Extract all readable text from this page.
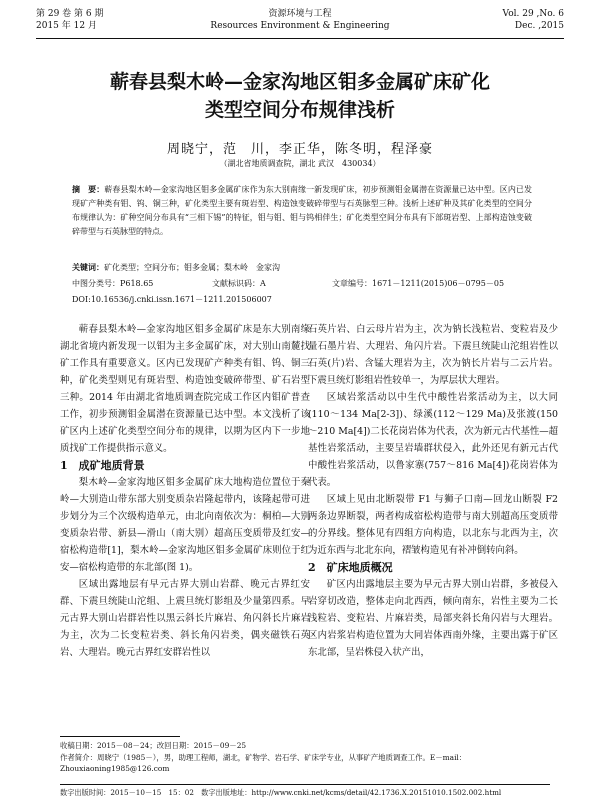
第 29 卷 第 6 期
2015 年 12 月
资源环境与工程
Resources Environment & Engineering
Vol. 29 ,No. 6
Dec. ,2015
蕲春县梨木岭—金家沟地区钼多金属矿床矿化
类型空间分布规律浅析
周晓宁，范　川，李正华，陈冬明，程泽豪
（湖北省地质调查院，湖北 武汉　430034）
摘　要：蕲春县梨木岭—金家沟地区钼多金属矿床作为东大别南缘一新发现矿床，初步预测钼金属潜在资源量已达中型。区内已发现矿产种类有钼、钨、铜三种，矿化类型主要有斑岩型、构造蚀变破碎带型与石英脉型三种。浅析上述矿种及其矿化类型的空间分布规律认为：矿种空间分布具有“三相下锡”的特征，钼与钼、钼与钨相伴生；矿化类型空间分布具有下部斑岩型、上部构造蚀变破碎带型与石英脉型的特点。
关键词：矿化类型；空间分布；钼多金属；梨木岭　金家沟
中图分类号：P618.65	文献标识码：A	文章编号：1671－1211(2015)06－0795－05
DOI:10.16536/j.cnki.issn.1671－1211.201506007

蕲春县梨木岭—金家沟地区钼多金属矿床是东大别南缘湖北省境内新发现一以钼为主多金属矿床，对大别山南麓找矿工作具有重要意义。区内已发现矿产种类有钼、钨、铜三种，矿化类型则见有斑岩型、构造蚀变破碎带型、矿石岩型三种。2014 年由湖北省地质调查院完成工作区内钼矿普查工作，初步预测钼金属潜在资源量已达中型。本文浅析了该矿区内上述矿化类型空间分布的规律，以期为区内下一步地质找矿工作提供指示意义。

1　成矿地质背景

梨木岭—金家沟地区钼多金属矿床大地构造位置位于秦岭—大别造山带东部大别变质杂岩隆起带内，该隆起带可进步划分为三个次级构造单元，由北向南依次为：桐柏—大别变质杂岩带、新县—滑山（南大别）超高压变质带及红安—宿松构造带[1]，梨木岭—金家沟地区钼多金属矿床则位于红安—宿松构造带的东北部(图 1)。

区域出露地层有早元古界大别山岩群、晚元古界红安群、下震旦统陡山沱组、上震旦统灯影组及少量第四系。早元古界大别山岩群岩性以黑云斜长片麻岩、角闪斜长片麻岩为主，次为二长变粒岩类、斜长角闪岩类，偶夹磁铁石英岩、大理岩。晚元古界红安群岩性以

石英片岩、白云母片岩为主，次为钠长浅粒岩、变粒岩及少量石墨片岩、大理岩、角闪片岩。下震旦统陡山沱组岩性以石英(片)岩、含锰大理岩为主，次为钠长片岩与二云片岩。下震旦统灯影组岩性较单一，为厚层状大理岩。

区域岩浆活动以中生代中酸性岩浆活动为主，以大同(110～134 Ma[2-3])、绿溪(112～129 Ma)及张渡(150～210 Ma[4])二长花岗岩体为代表，次为新元古代基性—超基性岩浆活动，主要呈岩墙群状侵入，此外还见有新元古代中酸性岩浆活动，以鲁家寨(757～816 Ma[4])花岗岩体为代表。

区域上见由北断裂带 F1 与狮子口南—回龙山断裂 F2 两条边界断裂，两者构成宿松构造带与南大别超高压变质带的分界线。整体见有四组方向构造，以北东与北西为主，次为近东西与北北东向，褶皱构造见有补冲倒转向斜。

2　矿床地质概况

矿区内出露地层主要为早元古界大别山岩群，多被侵入岩穿切改造，整体走向北西西，倾向南东，岩性主要为二长浅粒岩、变粒岩、片麻岩类，局部夹斜长角闪岩与大理岩。区内岩浆岩构造位置为大同岩体西南外缘，主要出露于矿区东北部，呈岩株侵入状产出，

收稿日期：2015－08－24；改回日期：2015－09－25
作者简介：周晓宁（1985－），男，助理工程师，湖北，矿物学、岩石学、矿床学专业，从事矿产地质调查工作。E－mail：Zhouxiaoning1985@126.com
数字出版时间：2015－10－15　15：02　数字出版地址：http://www.cnki.net/kcms/detail/42.1736.X.20151010.1502.002.html
